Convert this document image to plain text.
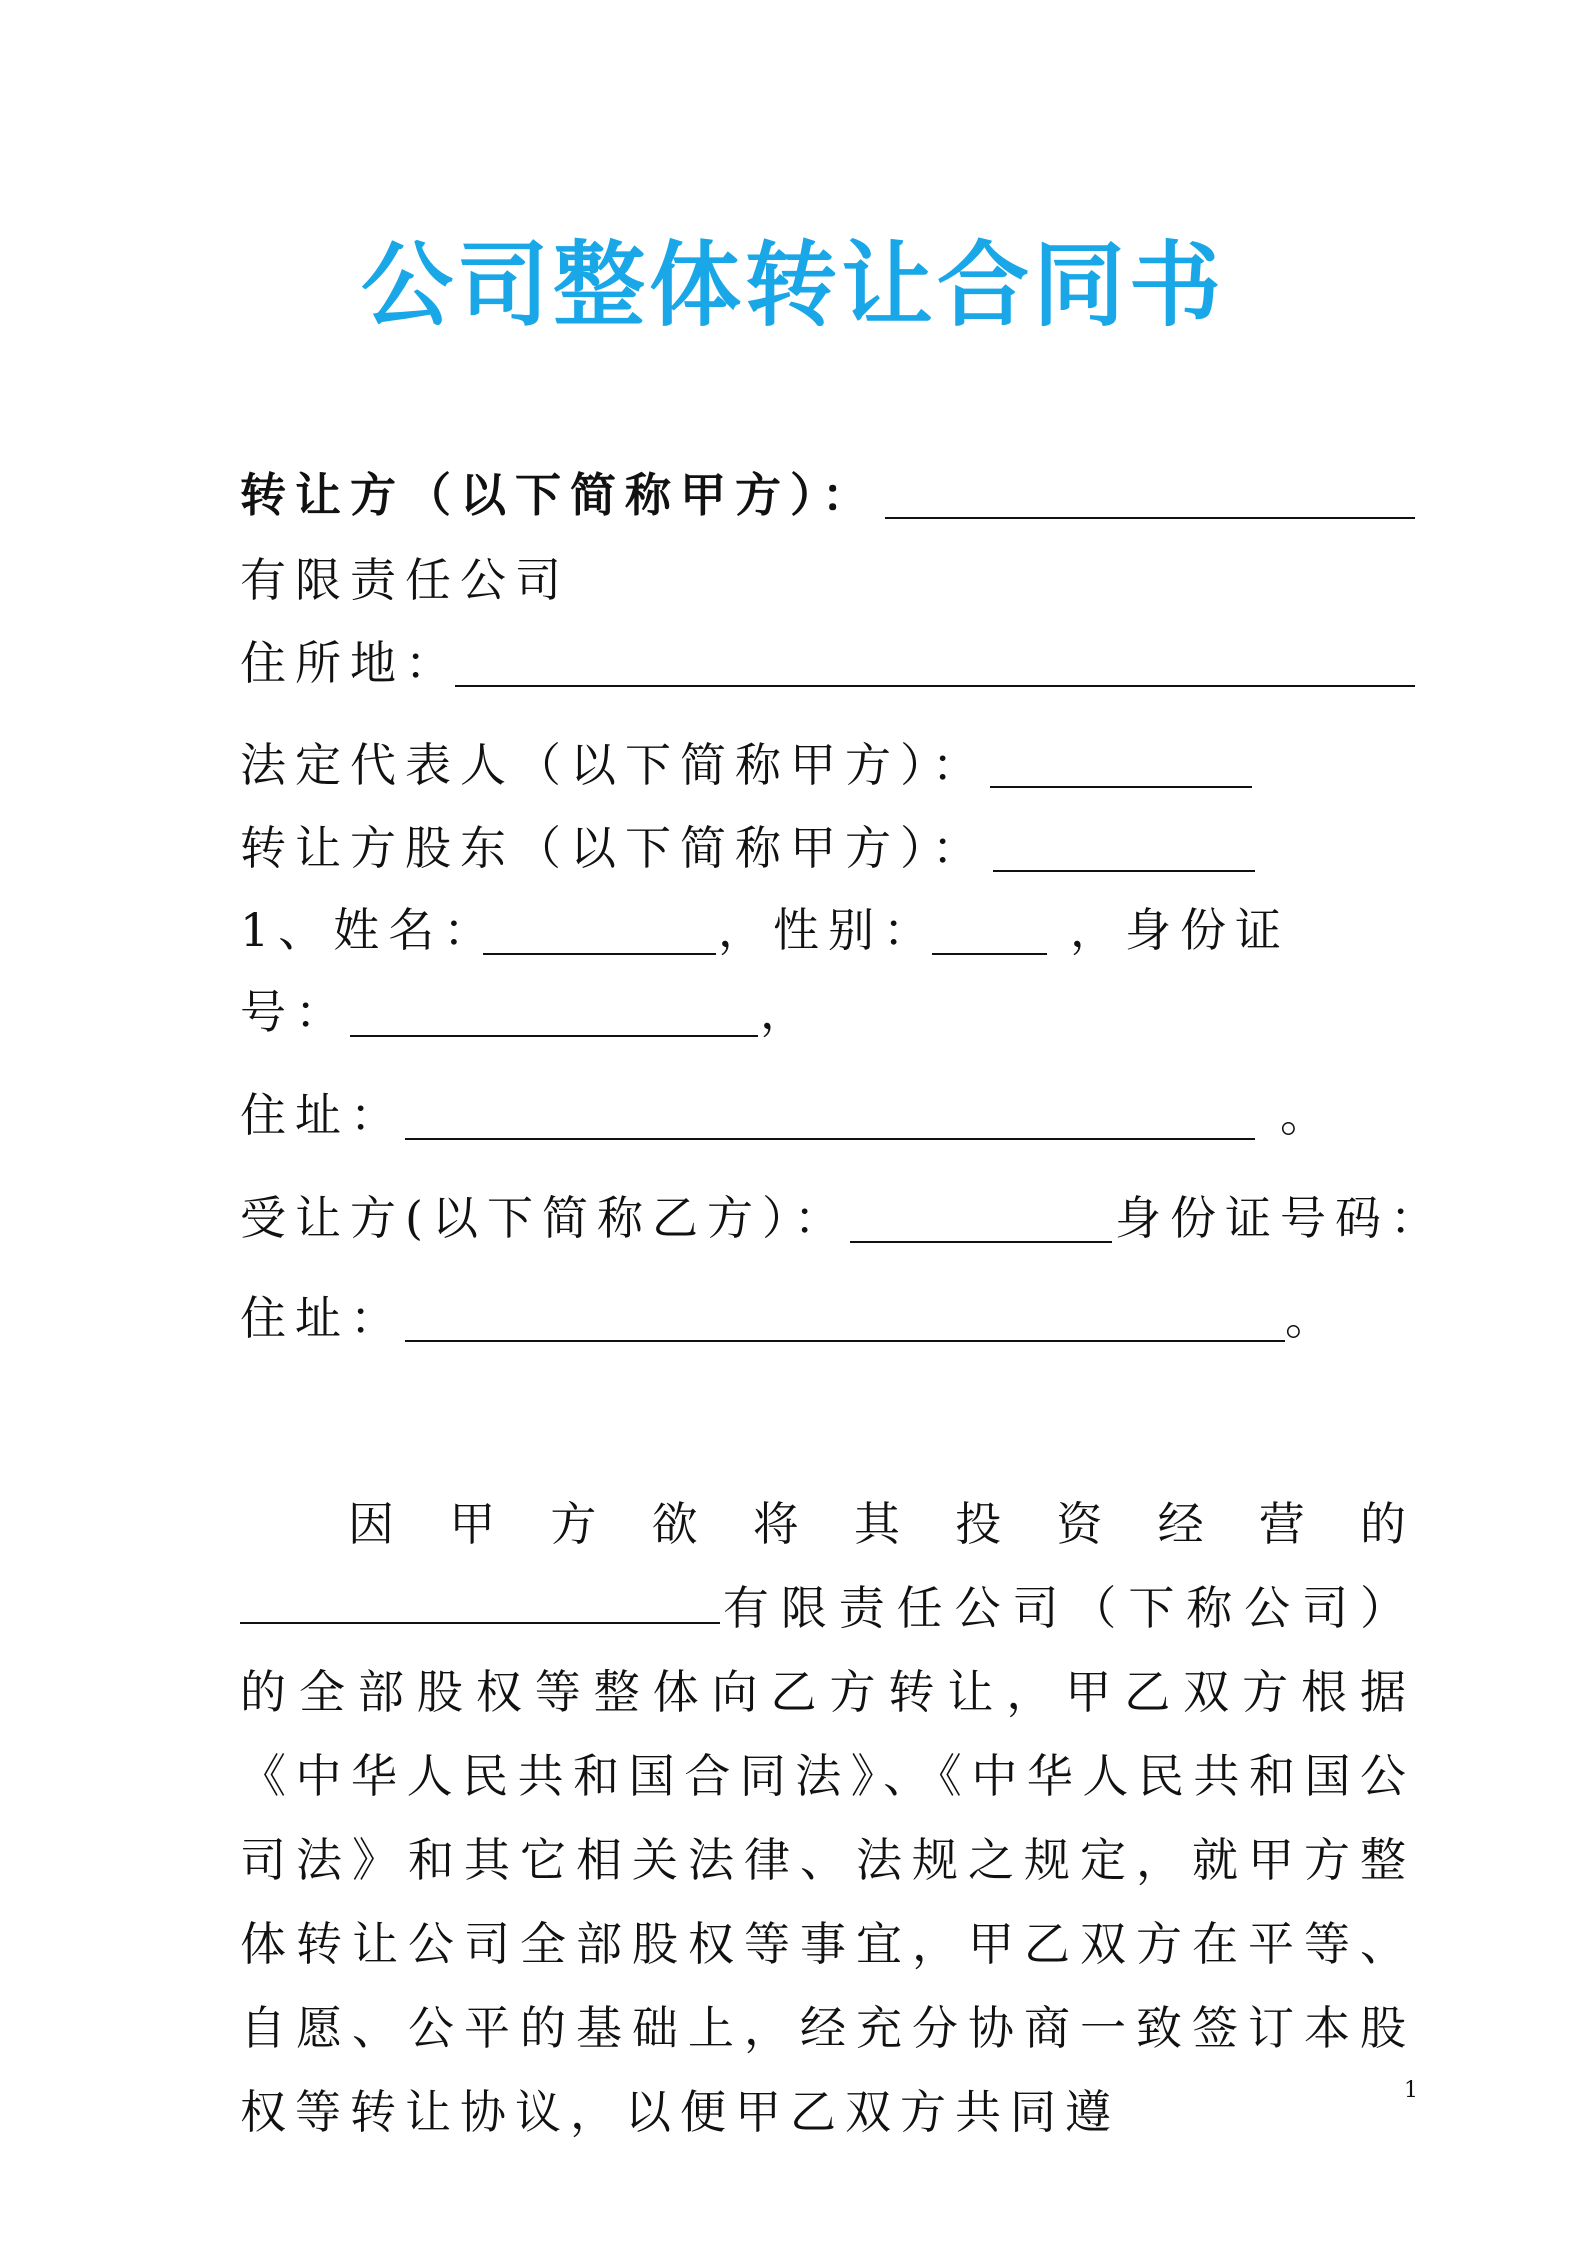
公司整体转让合同书
转让方（以下简称甲方）：
有限责任公司
住所地：
法定代表人（以下简称甲方）：
转让方股东（以下简称甲方）：
1、姓名：	，性别：	，身份证
号：	，
住址：	。
受让方(以下简称乙方）：	身份证号码：
住址：	。
因甲方欲将其投资经营的有限责任公司（下称公司）的全部股权等整体向乙方转让，甲乙双方根据《中华人民共和国合同法》、《中华人民共和国公司法》和其它相关法律、法规之规定，就甲方整体转让公司全部股权等事宜，甲乙双方在平等、自愿、公平的基础上，经充分协商一致签订本股权等转让协议，以便甲乙双方共同遵	1
